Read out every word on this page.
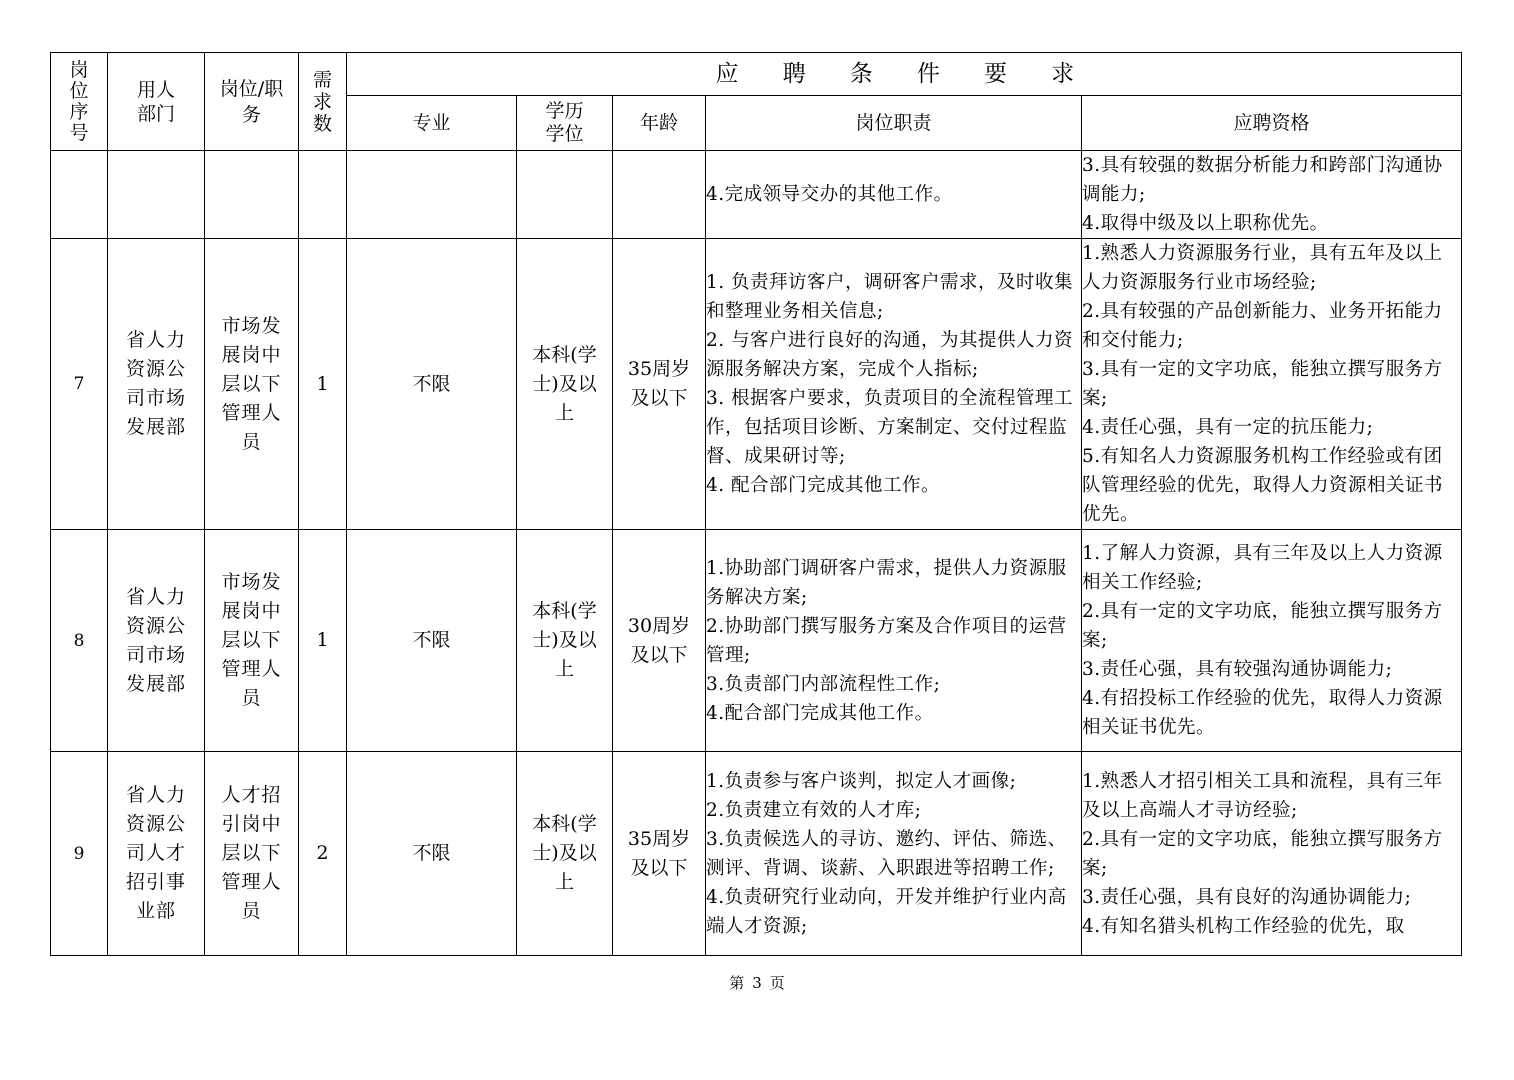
岗
位
序
号	用人
部门	岗位/职
务	需
求
数	应 聘 条 件 要 求				
				专业	学历
学位	年龄	岗位职责	应聘资格

							4.完成领导交办的其他工作。	3.具有较强的数据分析能力和跨部门沟通协调能力;
4.取得中级及以上职称优先。

7	省人力资源公司市场发展部	市场发展岗中层以下管理人员	1	不限	本科(学士)及以上	35周岁及以下	1. 负责拜访客户，调研客户需求，及时收集和整理业务相关信息;
2. 与客户进行良好的沟通，为其提供人力资源服务解决方案，完成个人指标;
3. 根据客户要求，负责项目的全流程管理工作，包括项目诊断、方案制定、交付过程监督、成果研讨等;
4. 配合部门完成其他工作。	1.熟悉人力资源服务行业，具有五年及以上人力资源服务行业市场经验;
2.具有较强的产品创新能力、业务开拓能力和交付能力;
3.具有一定的文字功底，能独立撰写服务方案;
4.责任心强，具有一定的抗压能力;
5.有知名人力资源服务机构工作经验或有团队管理经验的优先，取得人力资源相关证书优先。

8	省人力资源公司市场发展部	市场发展岗中层以下管理人员	1	不限	本科(学士)及以上	30周岁及以下	1.协助部门调研客户需求，提供人力资源服务解决方案;
2.协助部门撰写服务方案及合作项目的运营管理;
3.负责部门内部流程性工作;
4.配合部门完成其他工作。	1.了解人力资源，具有三年及以上人力资源相关工作经验;
2.具有一定的文字功底，能独立撰写服务方案;
3.责任心强，具有较强沟通协调能力;
4.有招投标工作经验的优先，取得人力资源相关证书优先。

9	省人力资源公司人才招引事业部	人才招引岗中层以下管理人员	2	不限	本科(学士)及以上	35周岁及以下	1.负责参与客户谈判，拟定人才画像;
2.负责建立有效的人才库;
3.负责候选人的寻访、邀约、评估、筛选、测评、背调、谈薪、入职跟进等招聘工作;
4.负责研究行业动向，开发并维护行业内高端人才资源;	1.熟悉人才招引相关工具和流程，具有三年及以上高端人才寻访经验;
2.具有一定的文字功底，能独立撰写服务方案;
3.责任心强，具有良好的沟通协调能力;
4.有知名猎头机构工作经验的优先，取
第 3 页
